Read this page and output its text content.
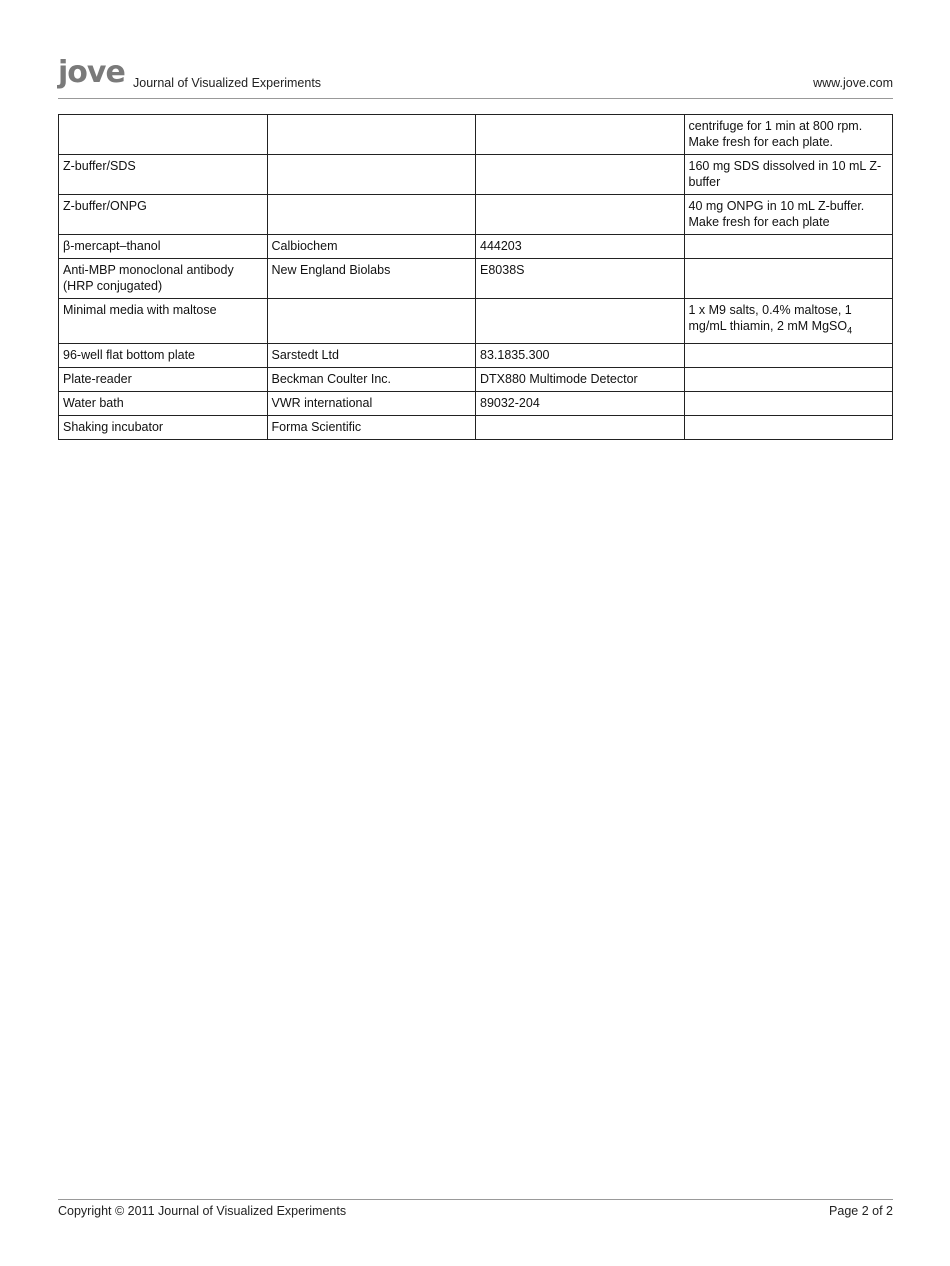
jove Journal of Visualized Experiments	www.jove.com
			centrifuge for 1 min at 800 rpm. Make fresh for each plate.
Z-buffer/SDS			160 mg SDS dissolved in 10 mL Z-buffer
Z-buffer/ONPG			40 mg ONPG in 10 mL Z-buffer. Make fresh for each plate
β-mercapt–thanol	Calbiochem	444203	
Anti-MBP monoclonal antibody (HRP conjugated)	New England Biolabs	E8038S	
Minimal media with maltose			1 x M9 salts, 0.4% maltose, 1 mg/mL thiamin, 2 mM MgSO$_4$
96-well flat bottom plate	Sarstedt Ltd	83.1835.300	
Plate-reader	Beckman Coulter Inc.	DTX880 Multimode Detector	
Water bath	VWR international	89032-204	
Shaking incubator	Forma Scientific		
Copyright © 2011 Journal of Visualized Experiments	Page 2 of 2
